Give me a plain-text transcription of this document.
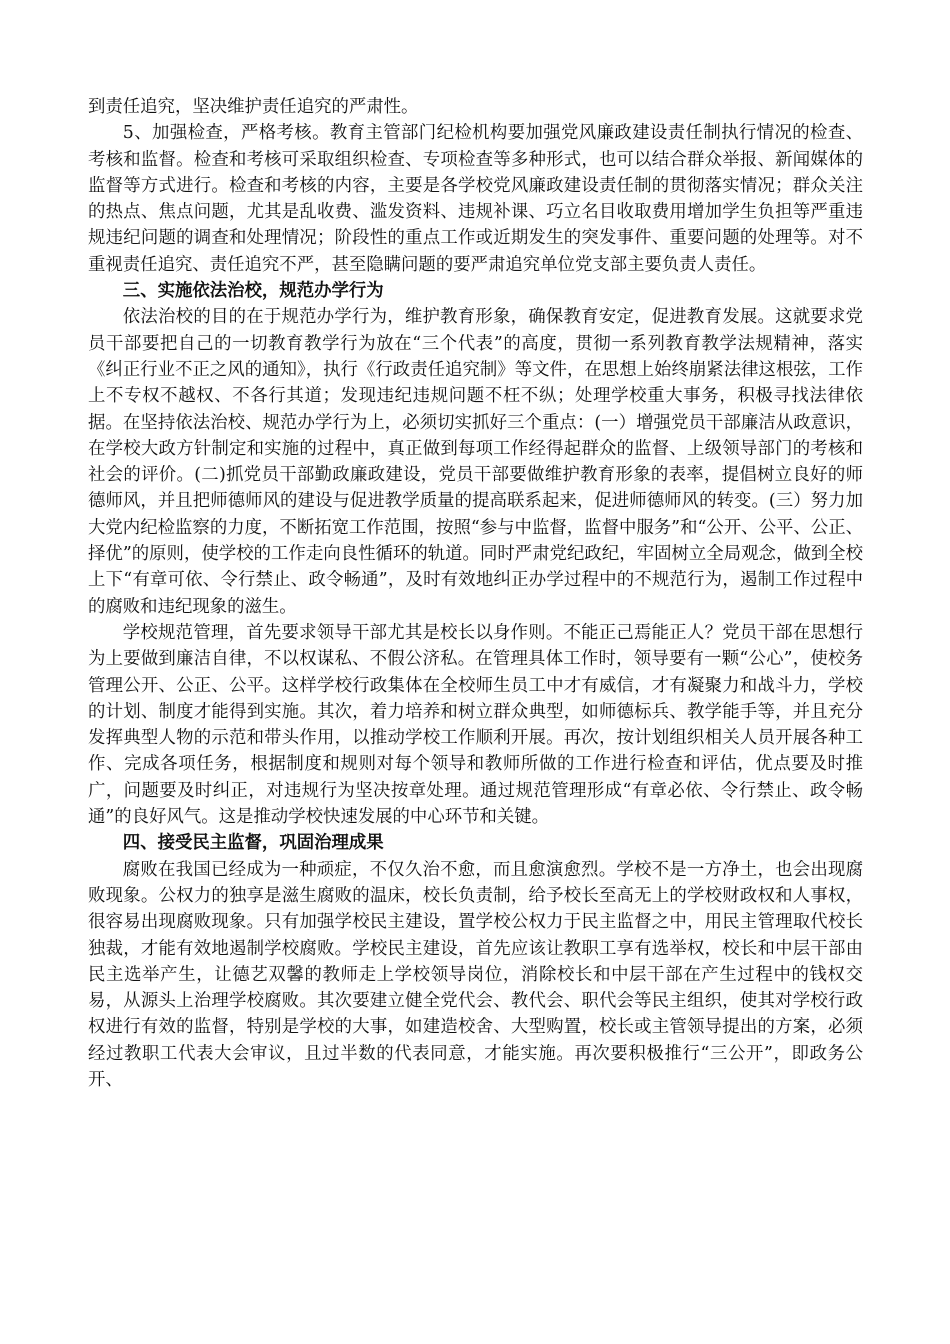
到责任追究，坚决维护责任追究的严肃性。

5、加强检查，严格考核。教育主管部门纪检机构要加强党风廉政建设责任制执行情况的检查、考核和监督。检查和考核可采取组织检查、专项检查等多种形式，也可以结合群众举报、新闻媒体的监督等方式进行。检查和考核的内容，主要是各学校党风廉政建设责任制的贯彻落实情况；群众关注的热点、焦点问题，尤其是乱收费、滥发资料、违规补课、巧立名目收取费用增加学生负担等严重违规违纪问题的调查和处理情况；阶段性的重点工作或近期发生的突发事件、重要问题的处理等。对不重视责任追究、责任追究不严，甚至隐瞒问题的要严肃追究单位党支部主要负责人责任。

三、实施依法治校，规范办学行为

依法治校的目的在于规范办学行为，维护教育形象，确保教育安定，促进教育发展。这就要求党员干部要把自己的一切教育教学行为放在“三个代表”的高度，贯彻一系列教育教学法规精神，落实《纠正行业不正之风的通知》，执行《行政责任追究制》等文件，在思想上始终崩紧法律这根弦，工作上不专权不越权、不各行其道；发现违纪违规问题不枉不纵；处理学校重大事务，积极寻找法律依据。在坚持依法治校、规范办学行为上，必须切实抓好三个重点：(一）增强党员干部廉洁从政意识，在学校大政方针制定和实施的过程中，真正做到每项工作经得起群众的监督、上级领导部门的考核和社会的评价。(二)抓党员干部勤政廉政建设，党员干部要做维护教育形象的表率，提倡树立良好的师德师风，并且把师德师风的建设与促进教学质量的提高联系起来，促进师德师风的转变。(三）努力加大党内纪检监察的力度，不断拓宽工作范围，按照“参与中监督，监督中服务”和“公开、公平、公正、择优”的原则，使学校的工作走向良性循环的轨道。同时严肃党纪政纪，牢固树立全局观念，做到全校上下“有章可依、令行禁止、政令畅通”，及时有效地纠正办学过程中的不规范行为，遏制工作过程中的腐败和违纪现象的滋生。

学校规范管理，首先要求领导干部尤其是校长以身作则。不能正己焉能正人？党员干部在思想行为上要做到廉洁自律，不以权谋私、不假公济私。在管理具体工作时，领导要有一颗“公心”，使校务管理公开、公正、公平。这样学校行政集体在全校师生员工中才有威信，才有凝聚力和战斗力，学校的计划、制度才能得到实施。其次，着力培养和树立群众典型，如师德标兵、教学能手等，并且充分发挥典型人物的示范和带头作用，以推动学校工作顺利开展。再次，按计划组织相关人员开展各种工作、完成各项任务，根据制度和规则对每个领导和教师所做的工作进行检查和评估，优点要及时推广，问题要及时纠正，对违规行为坚决按章处理。通过规范管理形成“有章必依、令行禁止、政令畅通”的良好风气。这是推动学校快速发展的中心环节和关键。

四、接受民主监督，巩固治理成果

腐败在我国已经成为一种顽症，不仅久治不愈，而且愈演愈烈。学校不是一方净土，也会出现腐败现象。公权力的独享是滋生腐败的温床，校长负责制，给予校长至高无上的学校财政权和人事权，很容易出现腐败现象。只有加强学校民主建设，置学校公权力于民主监督之中，用民主管理取代校长独裁，才能有效地遏制学校腐败。学校民主建设，首先应该让教职工享有选举权，校长和中层干部由民主选举产生，让德艺双馨的教师走上学校领导岗位，消除校长和中层干部在产生过程中的钱权交易，从源头上治理学校腐败。其次要建立健全党代会、教代会、职代会等民主组织，使其对学校行政权进行有效的监督，特别是学校的大事，如建造校舍、大型购置，校长或主管领导提出的方案，必须经过教职工代表大会审议，且过半数的代表同意，才能实施。再次要积极推行“三公开”，即政务公开、
